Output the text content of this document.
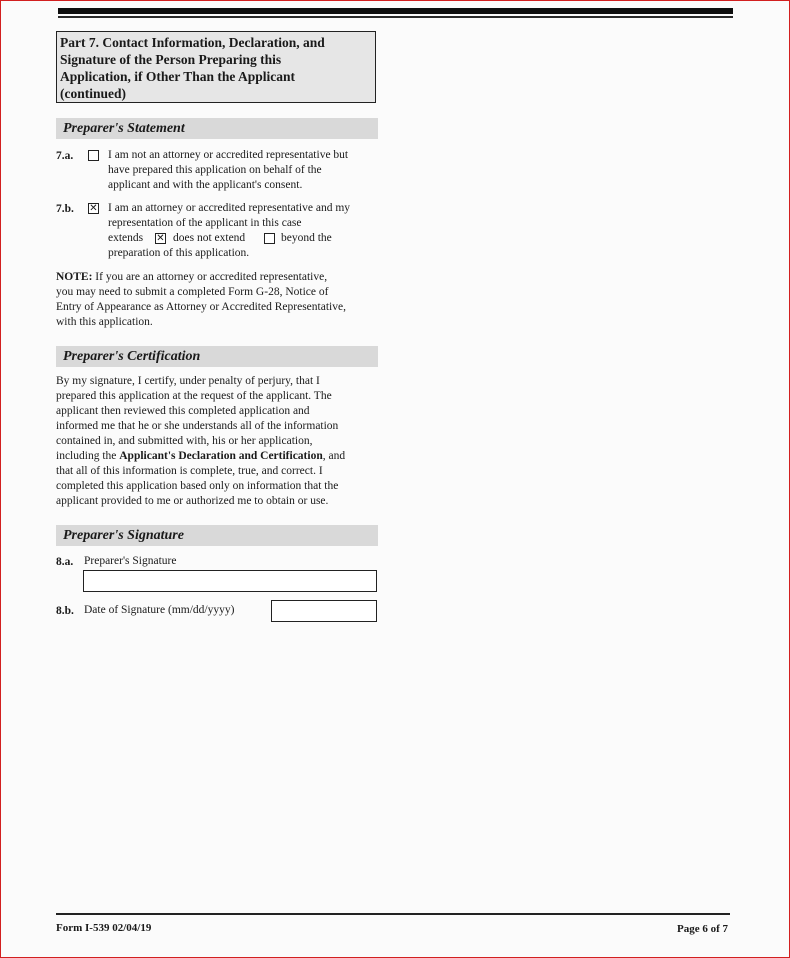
Part 7. Contact Information, Declaration, and
Signature of the Person Preparing this
Application, if Other Than the Applicant
(continued)
Preparer's Statement
7.a.	I am not an attorney or accredited representative but
have prepared this application on behalf of the
applicant and with the applicant's consent.
7.b. ✕ I am an attorney or accredited representative and my
representation of the applicant in this case
extends ✕ does not extend	beyond the
preparation of this application.
NOTE: If you are an attorney or accredited representative,
you may need to submit a completed Form G-28, Notice of
Entry of Appearance as Attorney or Accredited Representative,
with this application.
Preparer's Certification
By my signature, I certify, under penalty of perjury, that I
prepared this application at the request of the applicant. The
applicant then reviewed this completed application and
informed me that he or she understands all of the information
contained in, and submitted with, his or her application,
including the Applicant's Declaration and Certification, and
that all of this information is complete, true, and correct. I
completed this application based only on information that the
applicant provided to me or authorized me to obtain or use.
Preparer's Signature
8.a. Preparer's Signature
8.b. Date of Signature (mm/dd/yyyy)
Form I-539 02/04/19	Page 6 of 7
